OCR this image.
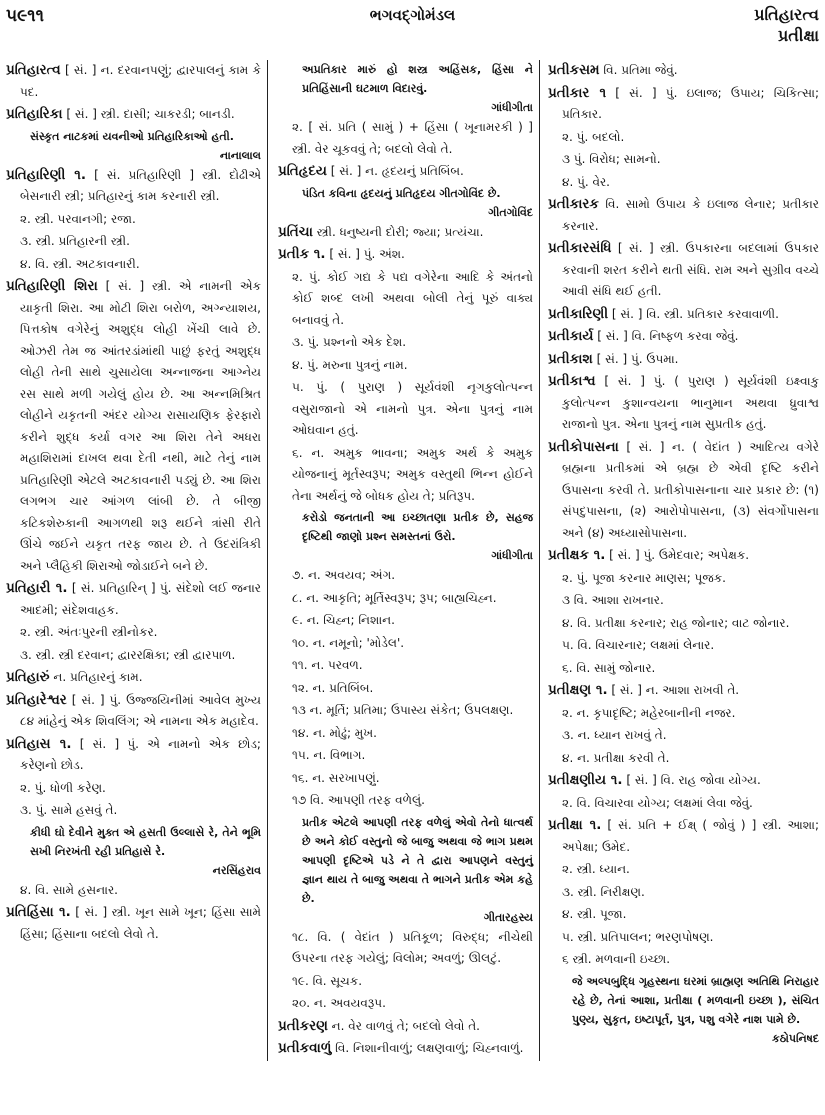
૫૯૧૧	ભગવદ્ગોમંડલ	પ્રતિહારત્વ
પ્રતીક્ષા
પ્રતિહારત્વ [ સં. ] ન. દરવાનપણું; દ્વારપાલનું કામ કે પદ.
પ્રતિહારિકા [ સં. ] સ્ત્રી. દાસી; ચાકરડી; બાનડી.
સંસ્કૃત નાટકમાં યવનીઓ પ્રતિહારિકાઓ હતી.
નાનાલાલ
પ્રતિહારિણી ૧. [ સં. પ્રતિહારિણી ] સ્ત્રી. દોઢીએ બેસનારી સ્ત્રી; પ્રતિહારનું કામ કરનારી સ્ત્રી.
૨. સ્ત્રી. પરવાનગી; રજા.
૩. સ્ત્રી. પ્રતિહારની સ્ત્રી.
૪. વિ. સ્ત્રી. અટકાવનારી.
પ્રતિહારિણી શિરા [ સં. ] સ્ત્રી. એ નામની એક યાકૃતી શિરા. આ મોટી શિરા બરોળ, અગ્ન્યાશય, પિત્તકોષ વગેરેનું અશુદ્ધ લોહી ખેંચી લાવે છે. ઓઝરી તેમ જ આંતરડાંમાંથી પાછું ફરતું અશુદ્ધ લોહી તેની સાથે ચુસાયેલા અન્નાજના આગ્નેય રસ સાથે મળી ગયેલું હોય છે. આ અન્નમિશ્રિત લોહીને યકૃતની અંદર યોગ્ય રાસાયણિક ફેરફારો કરીને શુદ્ધ કર્યા વગર આ શિરા તેને અધરા મહાશિરામાં દાખલ થવા દેતી નથી, માટે તેનું નામ પ્રતિહારિણી એટલે અટકાવનારી પડ્યું છે. આ શિરા લગભગ ચાર આંગળ લાંબી છે. તે બીજી કટિકશેરુકાની આગળથી શરૂ થઈને ત્રાંસી રીતે ઊંચે જઈને યકૃત તરફ જાય છે. તે ઉદરાંત્રિકી અને પ્લૈહિકી શિરાઓ જોડાઈને બને છે.
પ્રતિહારી ૧. [ સં. પ્રતિહારિન્ ] પું. સંદેશો લઈ જનાર આદમી; સંદેશવાહક.
૨. સ્ત્રી. અંતઃપુરની સ્ત્રીનોકર.
૩. સ્ત્રી. સ્ત્રી દરવાન; દ્વારરક્ષિકા; સ્ત્રી દ્વારપાળ.
પ્રતિહારું ન. પ્રતિહારનું કામ.
પ્રતિહારેશ્વર [ સં. ] પું. ઉજ્જયિનીમાં આવેલ મુખ્ય ૮૪ માંહેનું એક શિવલિંગ; એ નામના એક મહાદેવ.
પ્રતિહાસ ૧. [ સં. ] પું. એ નામનો એક છોડ; કરેણનો છોડ.
૨. પું. ધોળી કરેણ.
૩. પું. સામે હસવું તે.
કીધી ઘો દેવીને મુક્ત એ હસતી ઉલ્લાસે રે, તેને ભૂમિ સખી નિરખંતી રહી પ્રતિહાસે રે.
નરસિંહરાવ
૪. વિ. સામે હસનાર.
પ્રતિહિંસા ૧. [ સં. ] સ્ત્રી. ખૂન સામે ખૂન; હિંસા સામે હિંસા; હિંસાના બદલો લેવો તે.
અપ્રતિકાર મારું હો શસ્ત્ર અહિંસક, હિંસા ને પ્રતિહિંસાની ઘટમાળ વિદારવું.
ગાંધીગીતા
૨. [ સં. પ્રતિ ( સામું ) + હિંસા ( ખૂનામરકી ) ] સ્ત્રી. વેર ચૂકવવું તે; બદલો લેવો તે.
પ્રતિહૃદય [ સં. ] ન. હૃદયનું પ્રતિબિંબ.
પંડિત કવિના હૃદયનું પ્રતિહૃદય ગીતગોવિંદ છે.
ગીતગોવિંદ
પ્રતિંચા સ્ત્રી. ધનુષ્યની દોરી; જ્યા; પ્રત્યંચા.
પ્રતીક ૧. [ સં. ] પું. અંશ.
૨. પું. કોઈ ગદ્ય કે પદ્ય વગેરેના આદિ કે અંતનો કોઈ શબ્દ લખી અથવા બોલી તેનું પૂરું વાક્ય બનાવવું તે.
૩. પું. પ્રશ્નનો એક દેશ.
૪. પું. મરુના પુત્રનું નામ.
૫. પું. ( પુરાણ ) સૂર્યવંશી નૃગકુલોત્પન્ન વસુરાજાનો એ નામનો પુત્ર. એના પુત્રનું નામ ઓઘવાન હતું.
૬. ન. અમુક ભાવના; અમુક અર્થ કે અમુક યોજનાનું મૂર્તસ્વરૂપ; અમુક વસ્તુથી ભિન્ન હોઈને તેના અર્થનું જે બોધક હોય તે; પ્રતિરૂપ.
કરોડો જનતાની આ ઇચ્છાતણા પ્રતીક છે, સહજ દૃષ્ટિથી જાણો પ્રશ્ન સમસ્તનાં ઉરો.
ગાંધીગીતા
૭. ન. અવયવ; અંગ.
૮. ન. આકૃતિ; મૂર્તિસ્વરૂપ; રૂપ; બાહ્યચિહ્ન.
૯. ન. ચિહ્ન; નિશાન.
૧૦. ન. નમૂનો; 'મોડેલ'.
૧૧. ન. પરવળ.
૧૨. ન. પ્રતિબિંબ.
૧૩ ન. મૂર્તિ; પ્રતિમા; ઉપાસ્ય સંકેત; ઉપલક્ષણ.
૧૪. ન. મોઢું; મુખ.
૧૫. ન. વિભાગ.
૧૬. ન. સરખાપણું.
૧૭ વિ. આપણી તરફ વળેલું.
પ્રતીક એટલે આપણી તરફ વળેલું એવો તેનો ધાત્વર્થ છે અને કોઈ વસ્તુનો જે બાજુ અથવા જે ભાગ પ્રથમ આપણી દૃષ્ટિએ પડે ને તે દ્વારા આપણને વસ્તુનું જ્ઞાન થાય તે બાજુ અથવા તે ભાગને પ્રતીક એમ કહે છે.
ગીતારહસ્ય
૧૮. વિ. ( વેદાંત ) પ્રતિકૂળ; વિરુદ્ધ; નીચેથી ઉપરના તરફ ગયેલું; વિલોમ; અવળું; ઊલટું.
૧૯. વિ. સૂચક.
૨૦. ન. અવયવરૂપ.
પ્રતીકરણ ન. વેર વાળવું તે; બદલો લેવો તે.
પ્રતીકવાળું વિ. નિશાનીવાળું; લક્ષણવાળું; ચિહ્નવાળું.
પ્રતીકસમ વિ. પ્રતિમા જેવું.
પ્રતીકાર ૧ [ સં. ] પું. ઇલાજ; ઉપાય; ચિકિત્સા; પ્રતિકાર.
૨. પું. બદલો.
૩ પું. વિરોધ; સામનો.
૪. પું. વેર.
પ્રતીકારક વિ. સામો ઉપાય કે ઇલાજ લેનાર; પ્રતીકાર કરનાર.
પ્રતીકારસંધિ [ સં. ] સ્ત્રી. ઉપકારના બદલામાં ઉપકાર કરવાની શરત કરીને થતી સંધિ. રામ અને સુગ્રીવ વચ્ચે આવી સંધિ થઈ હતી.
પ્રતીકારિણી [ સં. ] વિ. સ્ત્રી. પ્રતિકાર કરવાવાળી.
પ્રતીકાર્ય [ સં. ] વિ. નિષ્ફળ કરવા જેવું.
પ્રતીકાશ [ સં. ] પું. ઉપમા.
પ્રતીકાશ્વ [ સં. ] પું. ( પુરાણ ) સૂર્યવંશી ઇક્ષ્વાકુ કુલોત્પન્ન કુશાન્વયના ભાનુમાન અથવા ધ્રુવાશ્વ રાજાનો પુત્ર. એના પુત્રનું નામ સુપ્રતીક હતું.
પ્રતીકોપાસના [ સં. ] ન. ( વેદાંત ) આદિત્ય વગેરે બ્રહ્મના પ્રતીકમાં એ બ્રહ્મ છે એવી દૃષ્ટિ કરીને ઉપાસના કરવી તે. પ્રતીકોપાસનાના ચાર પ્રકાર છે: (૧) સંપદુપાસના, (૨) આરોપોપાસના, (૩) સંવર્ગોપાસના અને (૪) અધ્યાસોપાસના.
પ્રતીક્ષક ૧. [ સં. ] પું. ઉમેદવાર; અપેક્ષક.
૨. પું. પૂજા કરનાર માણસ; પૂજક.
૩ વિ. આશા રાખનાર.
૪. વિ. પ્રતીક્ષા કરનાર; રાહ જોનાર; વાટ જોનાર.
૫. વિ. વિચારનાર; લક્ષમાં લેનાર.
૬. વિ. સામું જોનાર.
પ્રતીક્ષણ ૧. [ સં. ] ન. આશા રાખવી તે.
૨. ન. કૃપાદૃષ્ટિ; મહેરબાનીની નજર.
૩. ન. ધ્યાન રાખવું તે.
૪. ન. પ્રતીક્ષા કરવી તે.
પ્રતીક્ષણીય ૧. [ સં. ] વિ. રાહ જોવા યોગ્ય.
૨. વિ. વિચારવા યોગ્ય; લક્ષમાં લેવા જેવું.
પ્રતીક્ષા ૧. [ સં. પ્રતિ + ઈક્ષ્ ( જોવું ) ] સ્ત્રી. આશા; અપેક્ષા; ઉમેદ.
૨. સ્ત્રી. ધ્યાન.
૩. સ્ત્રી. નિરીક્ષણ.
૪. સ્ત્રી. પૂજા.
૫. સ્ત્રી. પ્રતિપાલન; ભરણપોષણ.
૬ સ્ત્રી. મળવાની ઇચ્છા.
જે અલ્પબુદ્ધિ ગૃહસ્થના ઘરમાં બ્રાહ્મણ અતિથિ નિરાહાર રહે છે, તેનાં આશા, પ્રતીક્ષા ( મળવાની ઇચ્છા ), સંચિત પુણ્ય, સુકૃત, ઇષ્ટાપૂર્ત, પુત્ર, પશુ વગેરે નાશ પામે છે.
કઠોપનિષદ
